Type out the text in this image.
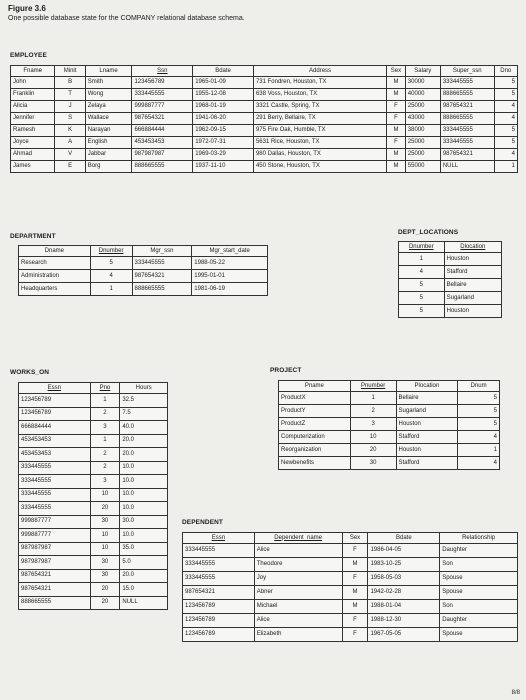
Figure 3.6
One possible database state for the COMPANY relational database schema.
EMPLOYEE
Fname	Minit	Lname	Ssn	Bdate	Address	Sex	Salary	Super_ssn	Dno
John	B	Smith	123456789	1965-01-09	731 Fondren, Houston, TX	M	30000	333445555	5
Franklin	T	Wong	333445555	1955-12-08	638 Voss, Houston, TX	M	40000	888665555	5
Alicia	J	Zelaya	999887777	1968-01-19	3321 Castle, Spring, TX	F	25000	987654321	4
Jennifer	S	Wallace	987654321	1941-06-20	291 Berry, Bellaire, TX	F	43000	888665555	4
Ramesh	K	Narayan	666884444	1962-09-15	975 Fire Oak, Humble, TX	M	38000	333445555	5
Joyce	A	English	453453453	1972-07-31	5631 Rice, Houston, TX	F	25000	333445555	5
Ahmad	V	Jabbar	987987987	1969-03-29	980 Dallas, Houston, TX	M	25000	987654321	4
James	E	Borg	888665555	1937-11-10	450 Stone, Houston, TX	M	55000	NULL	1
DEPARTMENT
Dname	Dnumber	Mgr_ssn	Mgr_start_date
Research	5	333445555	1988-05-22
Administration	4	987654321	1995-01-01
Headquarters	1	888665555	1981-06-19
DEPT_LOCATIONS
Dnumber	Dlocation
1	Houston
4	Stafford
5	Bellaire
5	Sugarland
5	Houston
WORKS_ON
Essn	Pno	Hours
123456789	1	32.5
123456789	2	7.5
666884444	3	40.0
453453453	1	20.0
453453453	2	20.0
333445555	2	10.0
333445555	3	10.0
333445555	10	10.0
333445555	20	10.0
999887777	30	30.0
999887777	10	10.0
987987987	10	35.0
987987987	30	5.0
987654321	30	20.0
987654321	20	15.0
888665555	20	NULL
PROJECT
Pname	Pnumber	Plocation	Dnum
ProductX	1	Bellaire	5
ProductY	2	Sugarland	5
ProductZ	3	Houston	5
Computerization	10	Stafford	4
Reorganization	20	Houston	1
Newbenefits	30	Stafford	4
DEPENDENT
Essn	Dependent_name	Sex	Bdate	Relationship
333445555	Alice	F	1986-04-05	Daughter
333445555	Theodore	M	1983-10-25	Son
333445555	Joy	F	1958-05-03	Spouse
987654321	Abner	M	1942-02-28	Spouse
123456789	Michael	M	1988-01-04	Son
123456789	Alice	F	1988-12-30	Daughter
123456789	Elizabeth	F	1967-05-05	Spouse
8/8
